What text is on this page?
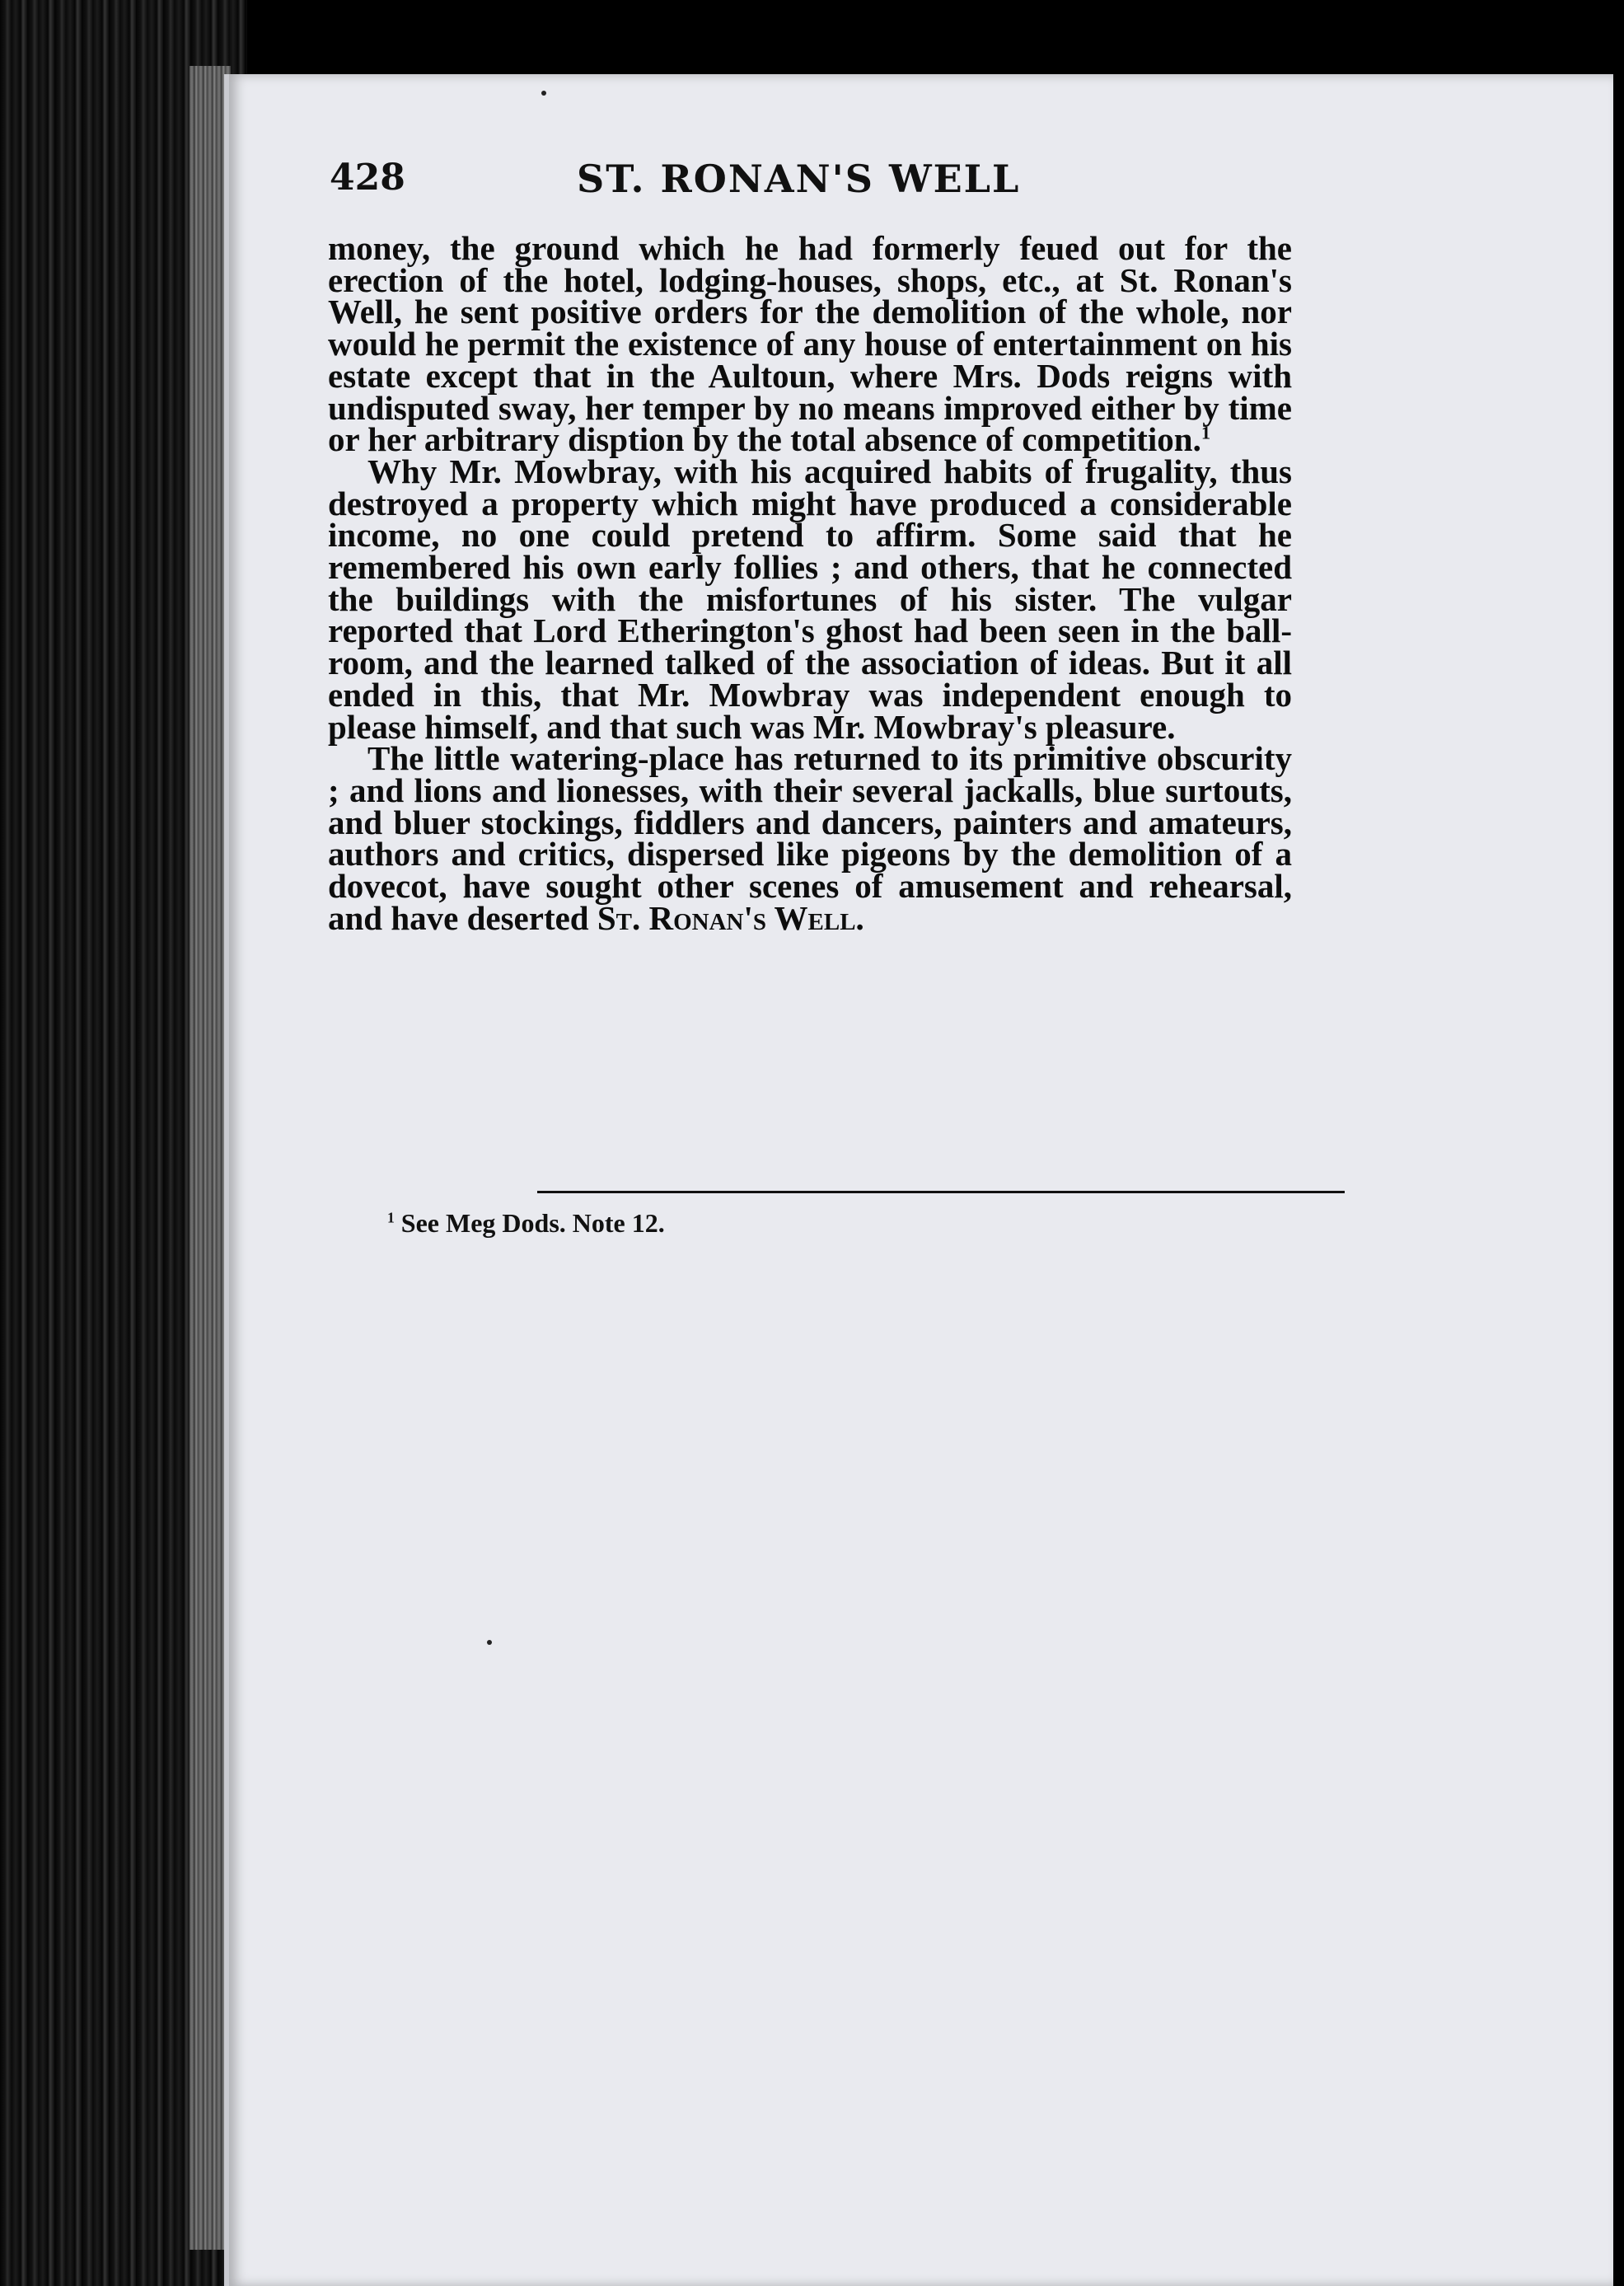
428	ST. RONAN'S WELL

money, the ground which he had formerly feued out for the erection of the hotel, lodging-houses, shops, etc., at St. Ronan's Well, he sent positive orders for the demolition of the whole, nor would he permit the existence of any house of entertainment on his estate except that in the Aultoun, where Mrs. Dods reigns with undisputed sway, her temper by no means improved either by time or her arbitrary disption by the total absence of competition.$^1$

Why Mr. Mowbray, with his acquired habits of frugality, thus destroyed a property which might have produced a considerable income, no one could pretend to affirm. Some said that he remembered his own early follies ; and others, that he connected the buildings with the misfortunes of his sister. The vulgar reported that Lord Etherington's ghost had been seen in the ball-room, and the learned talked of the association of ideas. But it all ended in this, that Mr. Mowbray was independent enough to please himself, and that such was Mr. Mowbray's pleasure.

The little watering-place has returned to its primitive obscurity ; and lions and lionesses, with their several jackalls, blue surtouts, and bluer stockings, fiddlers and dancers, painters and amateurs, authors and critics, dispersed like pigeons by the demolition of a dovecot, have sought other scenes of amusement and rehearsal, and have deserted St. Ronan's Well.

$^1$ See Meg Dods. Note 12.
